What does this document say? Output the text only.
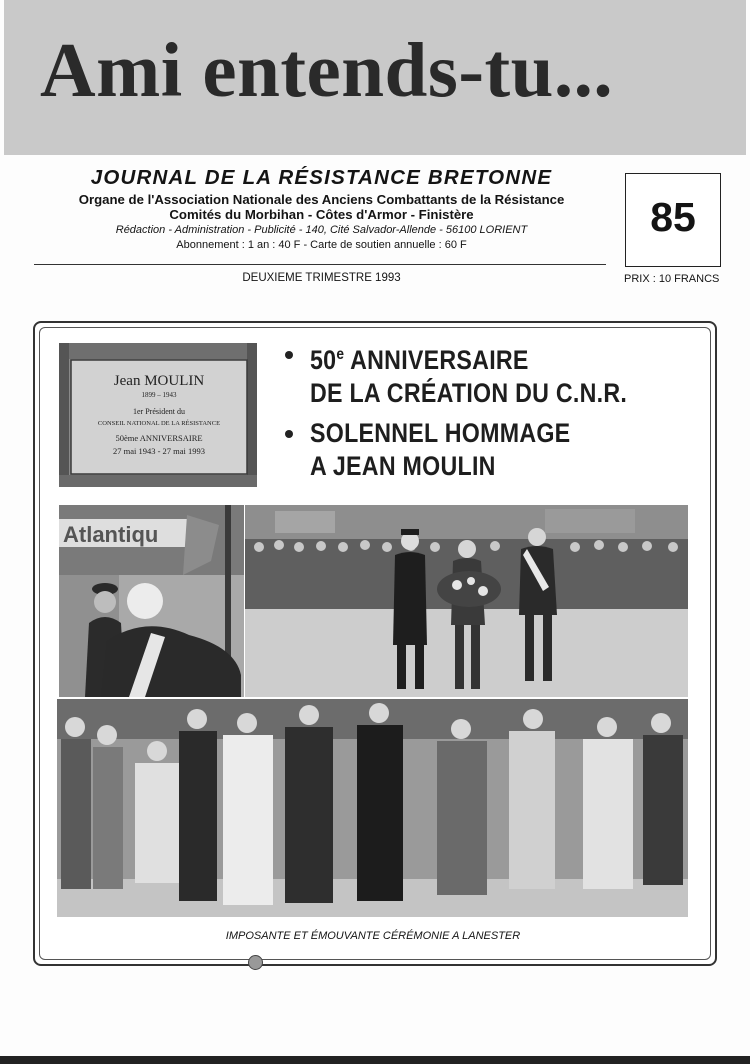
Ami entends-tu...
JOURNAL DE LA RÉSISTANCE BRETONNE
Organe de l'Association Nationale des Anciens Combattants de la Résistance
Comités du Morbihan - Côtes d'Armor - Finistère
Rédaction - Administration - Publicité - 140, Cité Salvador-Allende - 56100 LORIENT
Abonnement : 1 an : 40 F - Carte de soutien annuelle : 60 F
DEUXIEME TRIMESTRE 1993
85
PRIX : 10 FRANCS
Jean MOULIN
1899 – 1943
1er Président du
CONSEIL NATIONAL DE LA RÉSISTANCE
50ème ANNIVERSAIRE
27 mai 1943 - 27 mai 1993
50e ANNIVERSAIRE
DE LA CRÉATION DU C.N.R.
SOLENNEL HOMMAGE
A JEAN MOULIN
Atlantiqu
IMPOSANTE ET ÉMOUVANTE CÉRÉMONIE A LANESTER
